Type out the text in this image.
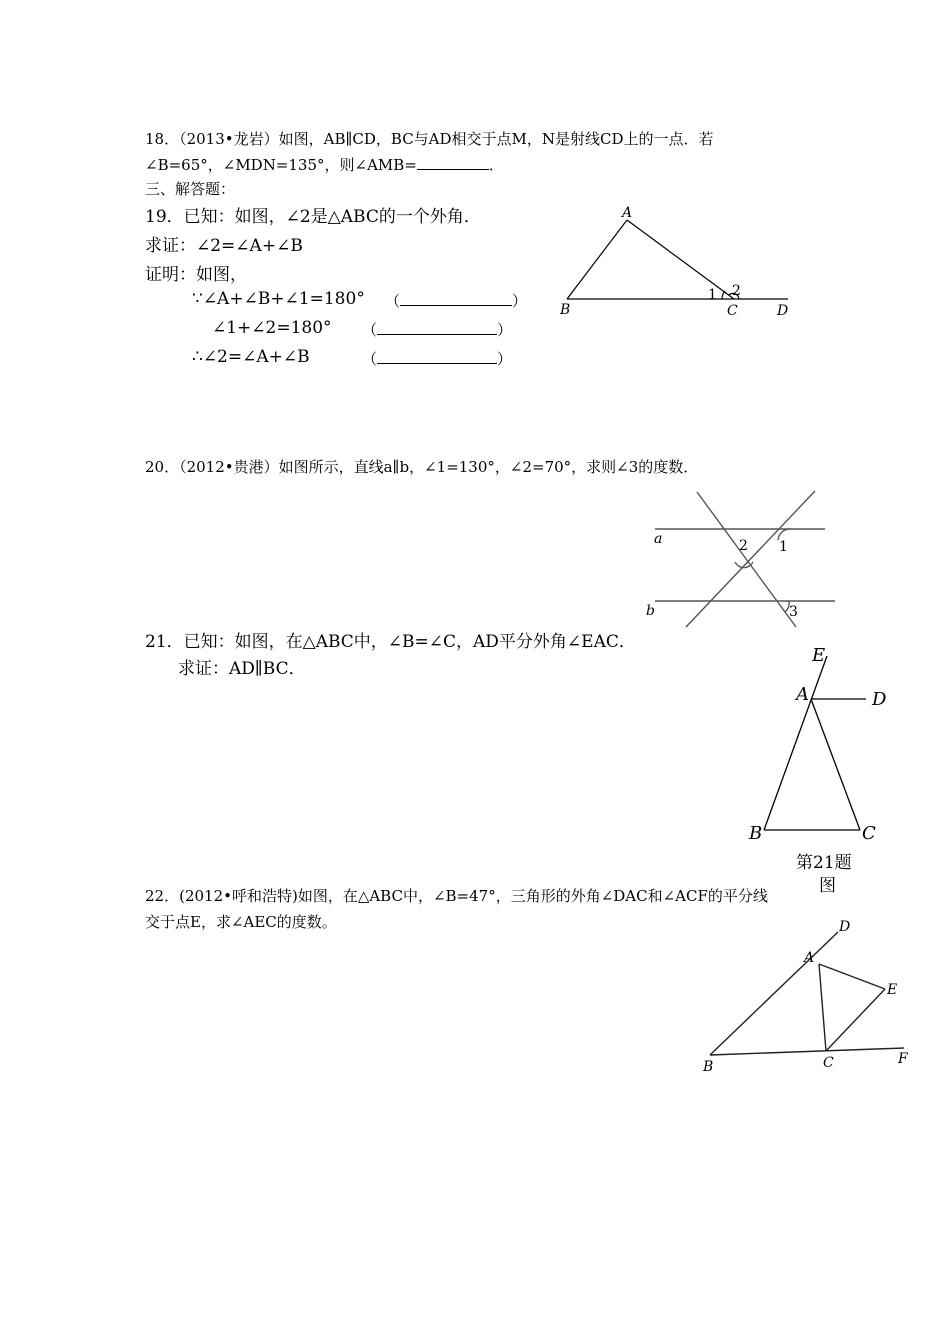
18．（2013•龙岩）如图，AB∥CD，BC与AD相交于点M，N是射线CD上的一点．若
∠B=65°，∠MDN=135°，则∠AMB=	．
三、解答题：
19．已知：如图，∠2是△ABC的一个外角．
求证：∠2=∠A+∠B
证明：如图，
∵∠A+∠B+∠1=180° （	）
∠1+∠2=180° （	）
∴∠2=∠A+∠B	（	）
A
B	C	D
1 2
20．（2012•贵港）如图所示，直线a∥b，∠1=130°，∠2=70°，求则∠3的度数．
a
b
2 1
3
21．已知：如图，在△ABC中，∠B=∠C，AD平分外角∠EAC．
求证：AD∥BC．
E
A	D
B	C
第21题
图
22．(2012•呼和浩特)如图，在△ABC中，∠B=47°，三角形的外角∠DAC和∠ACF的平分线
交于点E，求∠AEC的度数。	D
A
E
B	C	F
